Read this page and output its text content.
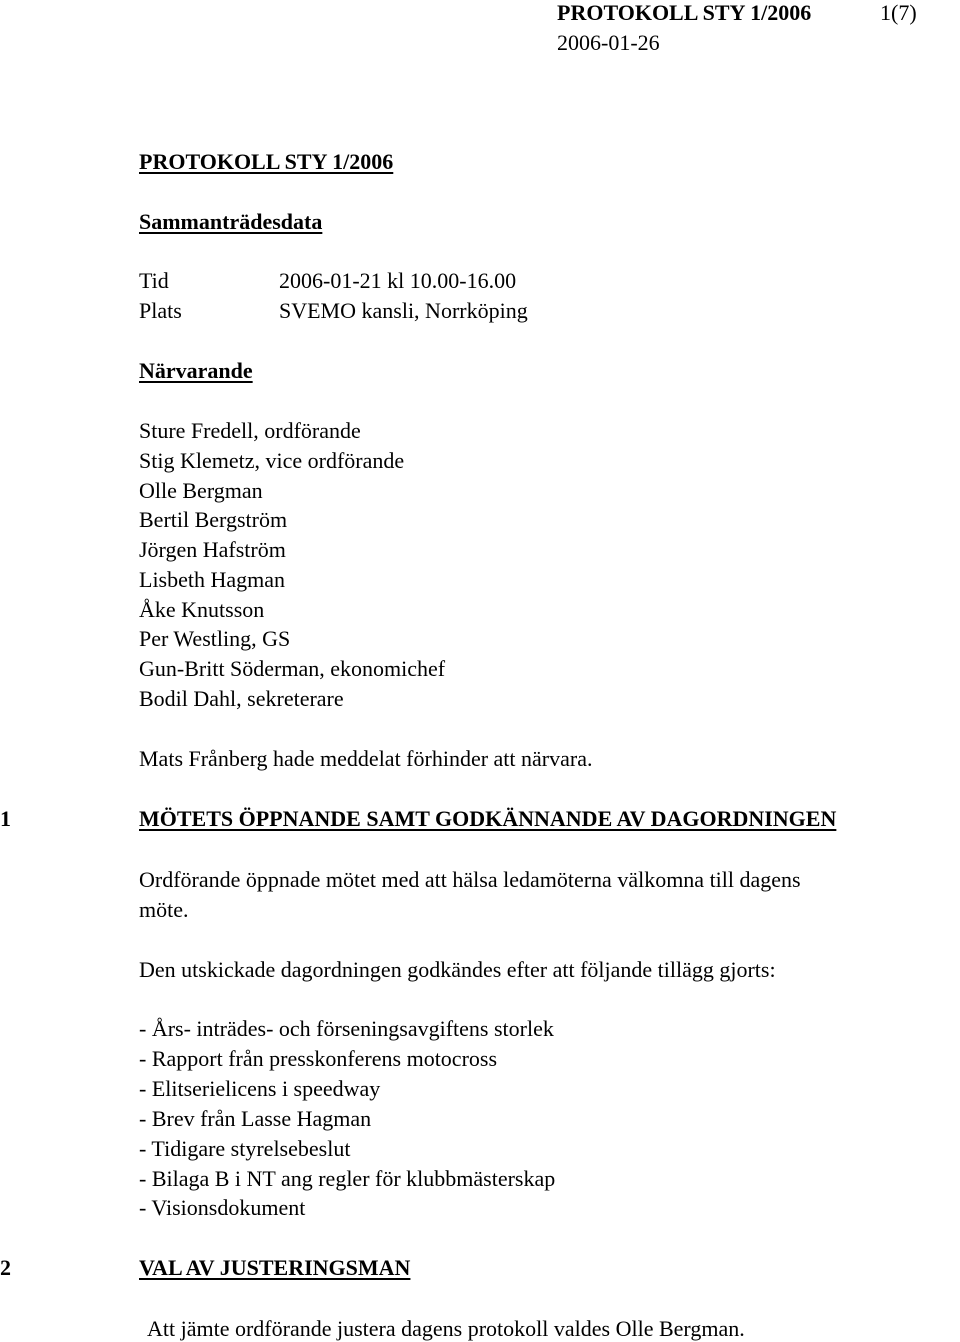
PROTOKOLL STY 1/2006	1(7)
2006-01-26
PROTOKOLL STY 1/2006
Sammanträdesdata
Tid	2006-01-21 kl 10.00-16.00
Plats	SVEMO kansli, Norrköping
Närvarande
Sture Fredell, ordförande
Stig Klemetz, vice ordförande
Olle Bergman
Bertil Bergström
Jörgen Hafström
Lisbeth Hagman
Åke Knutsson
Per Westling, GS
Gun-Britt Söderman, ekonomichef
Bodil Dahl, sekreterare
Mats Frånberg hade meddelat förhinder att närvara.
1	MÖTETS ÖPPNANDE SAMT GODKÄNNANDE AV DAGORDNINGEN
Ordförande öppnade mötet med att hälsa ledamöterna välkomna till dagens
möte.
Den utskickade dagordningen godkändes efter att följande tillägg gjorts:
- Års- inträdes- och förseningsavgiftens storlek
- Rapport från presskonferens motocross
- Elitserielicens i speedway
- Brev från Lasse Hagman
- Tidigare styrelsebeslut
- Bilaga B i NT ang regler för klubbmästerskap
- Visionsdokument
2	VAL AV JUSTERINGSMAN
Att jämte ordförande justera dagens protokoll valdes Olle Bergman.
